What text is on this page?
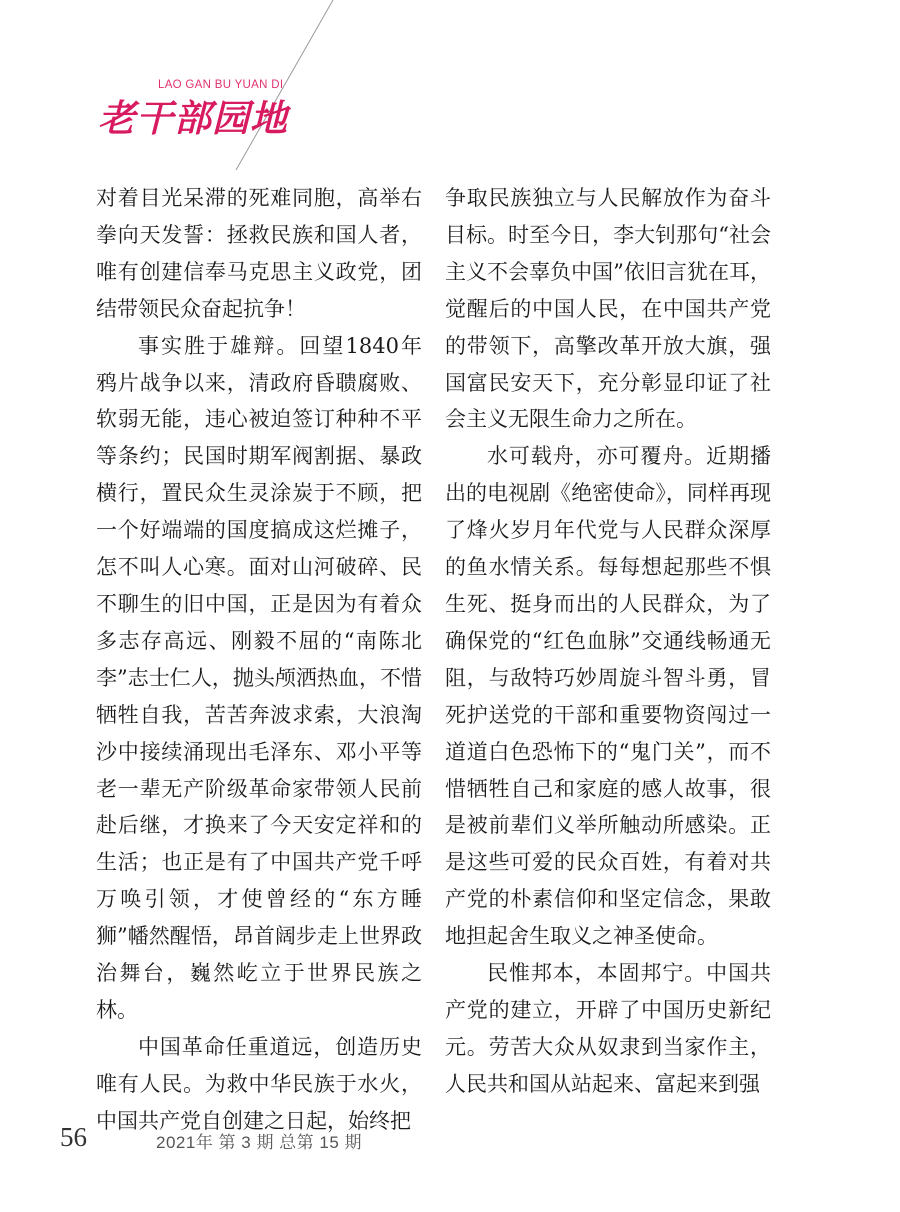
LAO GAN BU YUAN DI
老干部园地

对着目光呆滞的死难同胞，高举右拳向天发誓：拯救民族和国人者，唯有创建信奉马克思主义政党，团结带领民众奋起抗争！

事实胜于雄辩。回望1840年鸦片战争以来，清政府昏聩腐败、软弱无能，违心被迫签订种种不平等条约；民国时期军阀割据、暴政横行，置民众生灵涂炭于不顾，把一个好端端的国度搞成这烂摊子，怎不叫人心寒。面对山河破碎、民不聊生的旧中国，正是因为有着众多志存高远、刚毅不屈的“南陈北李”志士仁人，抛头颅洒热血，不惜牺牲自我，苦苦奔波求索，大浪淘沙中接续涌现出毛泽东、邓小平等老一辈无产阶级革命家带领人民前赴后继，才换来了今天安定祥和的生活；也正是有了中国共产党千呼万唤引领，才使曾经的“东方睡狮”幡然醒悟，昂首阔步走上世界政治舞台，巍然屹立于世界民族之林。

中国革命任重道远，创造历史唯有人民。为救中华民族于水火，中国共产党自创建之日起，始终把

争取民族独立与人民解放作为奋斗目标。时至今日，李大钊那句“社会主义不会辜负中国”依旧言犹在耳，觉醒后的中国人民，在中国共产党的带领下，高擎改革开放大旗，强国富民安天下，充分彰显印证了社会主义无限生命力之所在。

水可载舟，亦可覆舟。近期播出的电视剧《绝密使命》，同样再现了烽火岁月年代党与人民群众深厚的鱼水情关系。每每想起那些不惧生死、挺身而出的人民群众，为了确保党的“红色血脉”交通线畅通无阻，与敌特巧妙周旋斗智斗勇，冒死护送党的干部和重要物资闯过一道道白色恐怖下的“鬼门关”，而不惜牺牲自己和家庭的感人故事，很是被前辈们义举所触动所感染。正是这些可爱的民众百姓，有着对共产党的朴素信仰和坚定信念，果敢地担起舍生取义之神圣使命。

民惟邦本，本固邦宁。中国共产党的建立，开辟了中国历史新纪元。劳苦大众从奴隶到当家作主，人民共和国从站起来、富起来到强

56	2021年 第 3 期 总第 15 期
